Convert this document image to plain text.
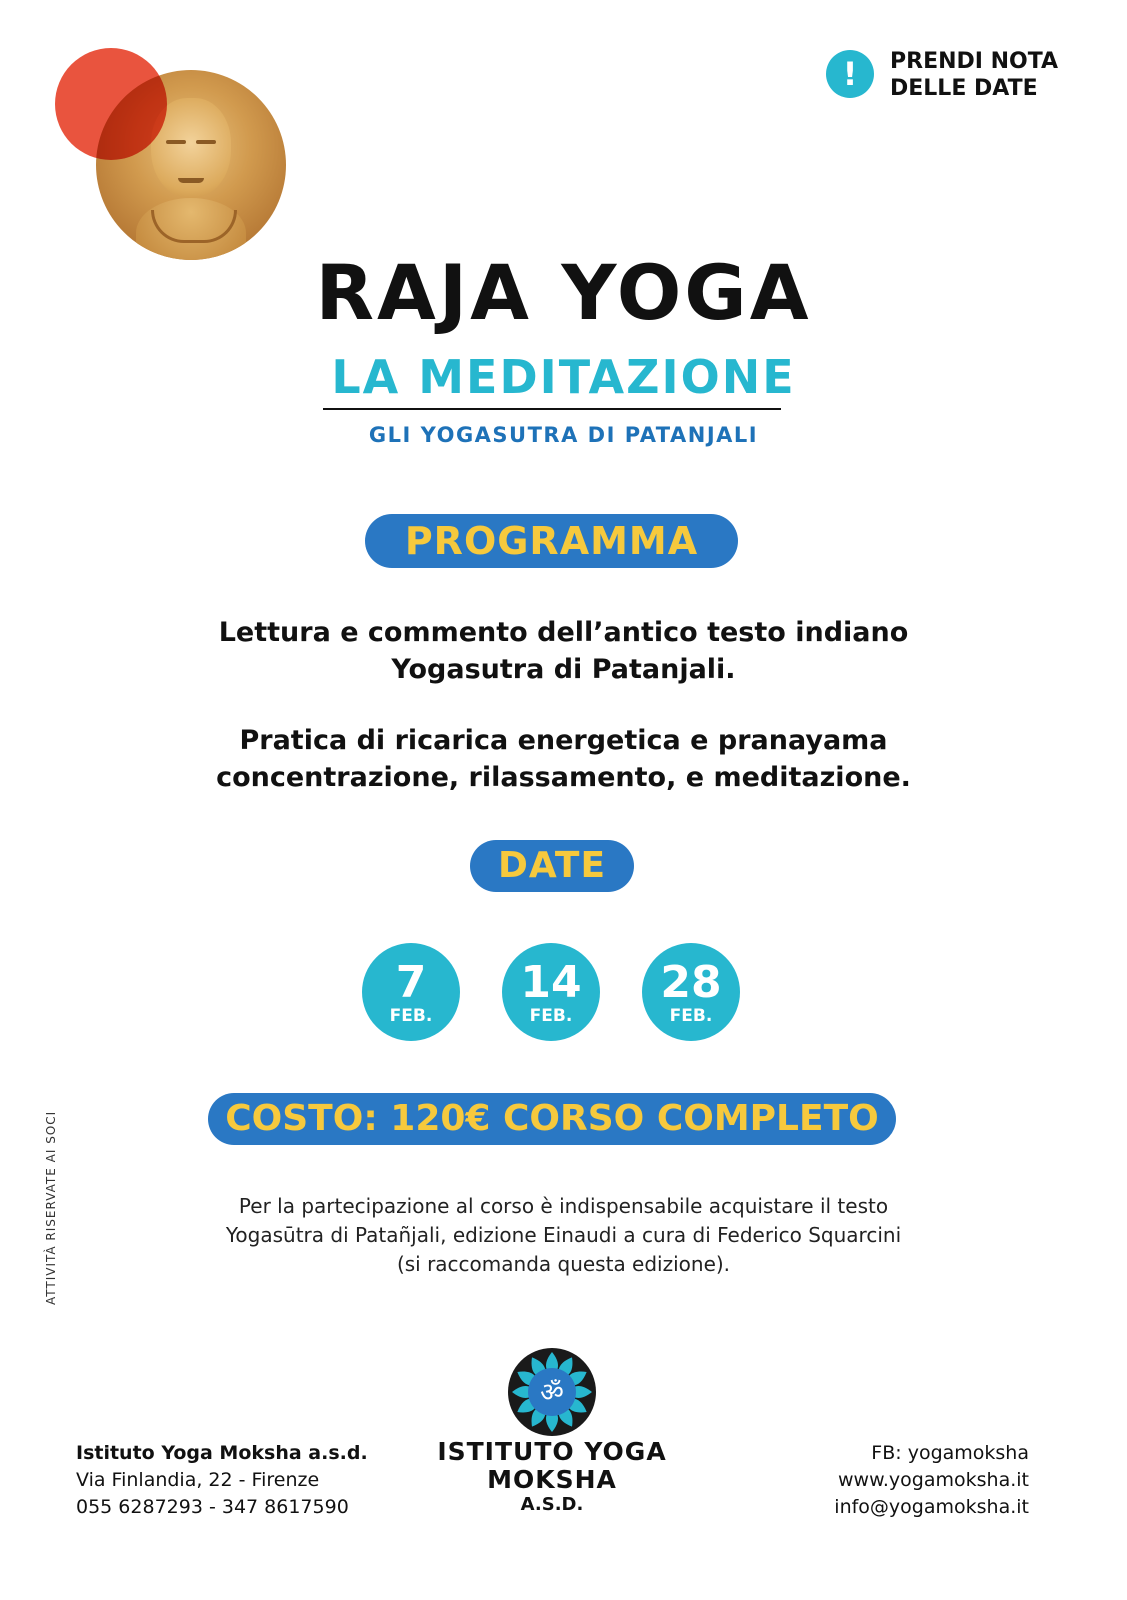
!	PRENDI NOTA
DELLE DATE
RAJA YOGA
LA MEDITAZIONE
GLI YOGASUTRA DI PATANJALI
PROGRAMMA
Lettura e commento dell’antico testo indiano
Yogasutra di Patanjali.
Pratica di ricarica energetica e pranayama
concentrazione, rilassamento, e meditazione.
DATE
7
FEB.
14
FEB.
28
FEB.
COSTO: 120€ CORSO COMPLETO
Per la partecipazione al corso è indispensabile acquistare il testo
Yogasūtra di Patañjali, edizione Einaudi a cura di Federico Squarcini
(si raccomanda questa edizione).
ATTIVITÀ RISERVATE AI SOCI
ॐ
ISTITUTO YOGA
MOKSHA
A.S.D.
Istituto Yoga Moksha a.s.d.
Via Finlandia, 22 - Firenze
055 6287293 - 347 8617590
FB: yogamoksha
www.yogamoksha.it
info@yogamoksha.it
